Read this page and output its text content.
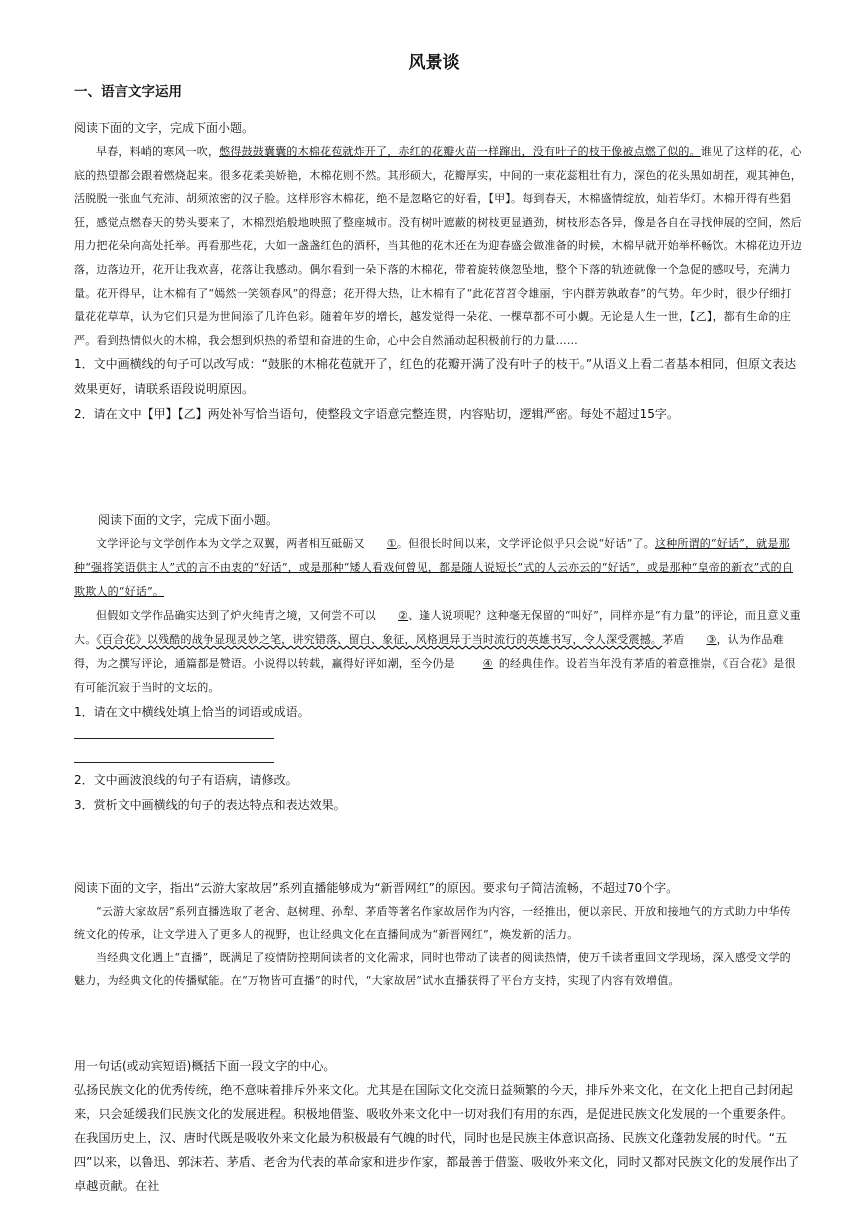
风景谈
一、语言文字运用

阅读下面的文字，完成下面小题。

早春，料峭的寒风一吹，憋得鼓鼓囊囊的木棉花苞就炸开了，赤红的花瓣火苗一样蹿出，没有叶子的枝干像被点燃了似的。谁见了这样的花，心底的热望都会跟着燃烧起来。很多花柔美娇艳，木棉花则不然。其形硕大，花瓣厚实，中间的一束花蕊粗壮有力，深色的花头黑如胡茬，观其神色，活脱脱一张血气充沛、胡须浓密的汉子脸。这样形容木棉花，绝不是忽略它的好看，【甲】。每到春天，木棉盛情绽放，灿若华灯。木棉开得有些猖狂，感觉点燃春天的势头要来了，木棉烈焰般地映照了整座城市。没有树叶遮蔽的树枝更显遒劲，树枝形态各异，像是各自在寻找伸展的空间，然后用力把花朵向高处托举。再看那些花，大如一盏盏红色的酒杯，当其他的花木还在为迎春盛会做准备的时候，木棉早就开始举杯畅饮。木棉花边开边落，边落边开，花开让我欢喜，花落让我感动。偶尔看到一朵下落的木棉花，带着旋转倏忽坠地，整个下落的轨迹就像一个急促的感叹号，充满力量。花开得早，让木棉有了“嫣然一笑领春风”的得意；花开得大热，让木棉有了“此花苕苕令雄丽，宇内群芳孰敢春”的气势。年少时，很少仔细打量花花草草，认为它们只是为世间添了几许色彩。随着年岁的增长，越发觉得一朵花、一棵草都不可小觑。无论是人生一世，【乙】，都有生命的庄严。看到热情似火的木棉，我会想到炽热的希望和奋进的生命，心中会自然涌动起积极前行的力量……

1．文中画横线的句子可以改写成：“鼓胀的木棉花苞就开了，红色的花瓣开满了没有叶子的枝干。”从语义上看二者基本相同，但原文表达效果更好，请联系语段说明原因。

2．请在文中【甲】【乙】两处补写恰当语句，使整段文字语意完整连贯，内容贴切，逻辑严密。每处不超过15字。

阅读下面的文字，完成下面小题。

文学评论与文学创作本为文学之双翼，两者相互砥砺又 ①。但很长时间以来，文学评论似乎只会说“好话”了。这种所谓的“好话”，就是那种“强将笑语供主人”式的言不由衷的“好话”，或是那种“矮人看戏何曾见，都是随人说短长”式的人云亦云的“好话”，或是那种“皇帝的新衣”式的自欺欺人的“好话”。

但假如文学作品确实达到了炉火纯青之境，又何尝不可以 ②、逢人说项呢？这种毫无保留的“叫好”，同样亦是“有力量”的评论，而且意义重大。《百合花》以残酷的战争显现灵妙之笔，讲究错落、留白、象征，风格迥异于当时流行的英雄书写，令人深受震撼。茅盾 ③，认为作品难得，为之撰写评论，通篇都是赞语。小说得以转载，赢得好评如潮，至今仍是	④ 的经典佳作。设若当年没有茅盾的着意推崇，《百合花》是很有可能沉寂于当时的文坛的。

1．请在文中横线处填上恰当的词语或成语。

2．文中画波浪线的句子有语病，请修改。

3．赏析文中画横线的句子的表达特点和表达效果。

阅读下面的文字，指出“云游大家故居”系列直播能够成为“新晋网红”的原因。要求句子简洁流畅，不超过70个字。

“云游大家故居”系列直播选取了老舍、赵树理、孙犁、茅盾等著名作家故居作为内容，一经推出，便以亲民、开放和接地气的方式助力中华传统文化的传承，让文学进入了更多人的视野，也让经典文化在直播间成为“新晋网红”，焕发新的活力。

当经典文化遇上“直播”，既满足了疫情防控期间读者的文化需求，同时也带动了读者的阅读热情，使万千读者重回文学现场，深入感受文学的魅力，为经典文化的传播赋能。在“万物皆可直播”的时代，“大家故居”试水直播获得了平台方支持，实现了内容有效增值。

用一句话(或动宾短语)概括下面一段文字的中心。

弘扬民族文化的优秀传统，绝不意味着排斥外来文化。尤其是在国际文化交流日益频繁的今天，排斥外来文化，在文化上把自己封闭起来，只会延缓我们民族文化的发展进程。积极地借鉴、吸收外来文化中一切对我们有用的东西，是促进民族文化发展的一个重要条件。在我国历史上，汉、唐时代既是吸收外来文化最为积极最有气魄的时代，同时也是民族主体意识高扬、民族文化蓬勃发展的时代。“五四”以来，以鲁迅、郭沫若、茅盾、老舍为代表的革命家和进步作家，都最善于借鉴、吸收外来文化，同时又都对民族文化的发展作出了卓越贡献。在社
